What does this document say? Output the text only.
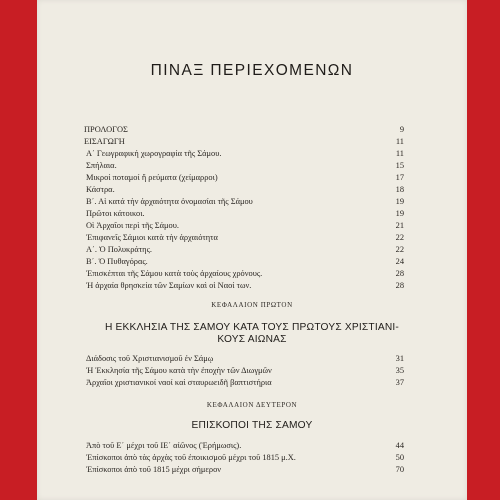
ΠΙΝΑΞ ΠΕΡΙΕΧΟΜΕΝΩΝ
ΠΡΟΛΟΓΟΣ	9
ΕΙΣΑΓΩΓΗ	11
Α΄ Γεωγραφική χωρογραφία τῆς Σάμου.	11
Σπήλαια.	15
Μικροί ποταμοί ἤ ρεύματα (χείμαρροι)	17
Κάστρα.	18
Β΄. Αἱ κατά τὴν ἀρχαιότητα ὀνομασίαι τῆς Σάμου	19
Πρῶτοι κάτοικοι.	19
Οἱ Ἀρχαῖοι περὶ τῆς Σάμου.	21
Ἐπιφανεῖς Σάμιοι κατὰ τὴν ἀρχαιότητα	22
Α΄. Ὁ Πολυκράτης.	22
Β΄. Ὁ Πυθαγόρας.	24
Ἐπισκέπται τῆς Σάμου κατὰ τοὺς ἀρχαίους χρόνους.	28
Ἡ ἀρχαία θρησκεία τῶν Σαμίων καὶ οἱ Ναοί των.	28
ΚΕΦΑΛΑΙΟΝ ΠΡΩΤΟΝ
Η ΕΚΚΛΗΣΙΑ ΤΗΣ ΣΑΜΟΥ ΚΑΤΑ ΤΟΥΣ ΠΡΩΤΟΥΣ ΧΡΙΣΤΙΑΝΙ-
ΚΟΥΣ ΑΙΩΝΑΣ
Διάδοσις τοῦ Χριστιανισμοῦ ἐν Σάμῳ	31
Ἡ Ἐκκλησία τῆς Σάμου κατὰ τὴν ἐποχὴν τῶν Διωγμῶν	35
Ἀρχαῖοι χριστιανικοί ναοί καὶ σταυρωειδῆ βαπτιστήρια	37
ΚΕΦΑΛΑΙΟΝ ΔΕΥΤΕΡΟΝ
ΕΠΙΣΚΟΠΟΙ ΤΗΣ ΣΑΜΟΥ
Ἀπὸ τοῦ Ε΄ μέχρι τοῦ ΙΕ΄ αἰῶνος (Ἐρήμωσις).	44
Ἐπίσκοποι ἀπὸ τὰς ἀρχὰς τοῦ ἐποικισμοῦ μέχρι τοῦ 1815 μ.Χ.	50
Ἐπίσκοποι ἀπὸ τοῦ 1815 μέχρι σήμερον	70
